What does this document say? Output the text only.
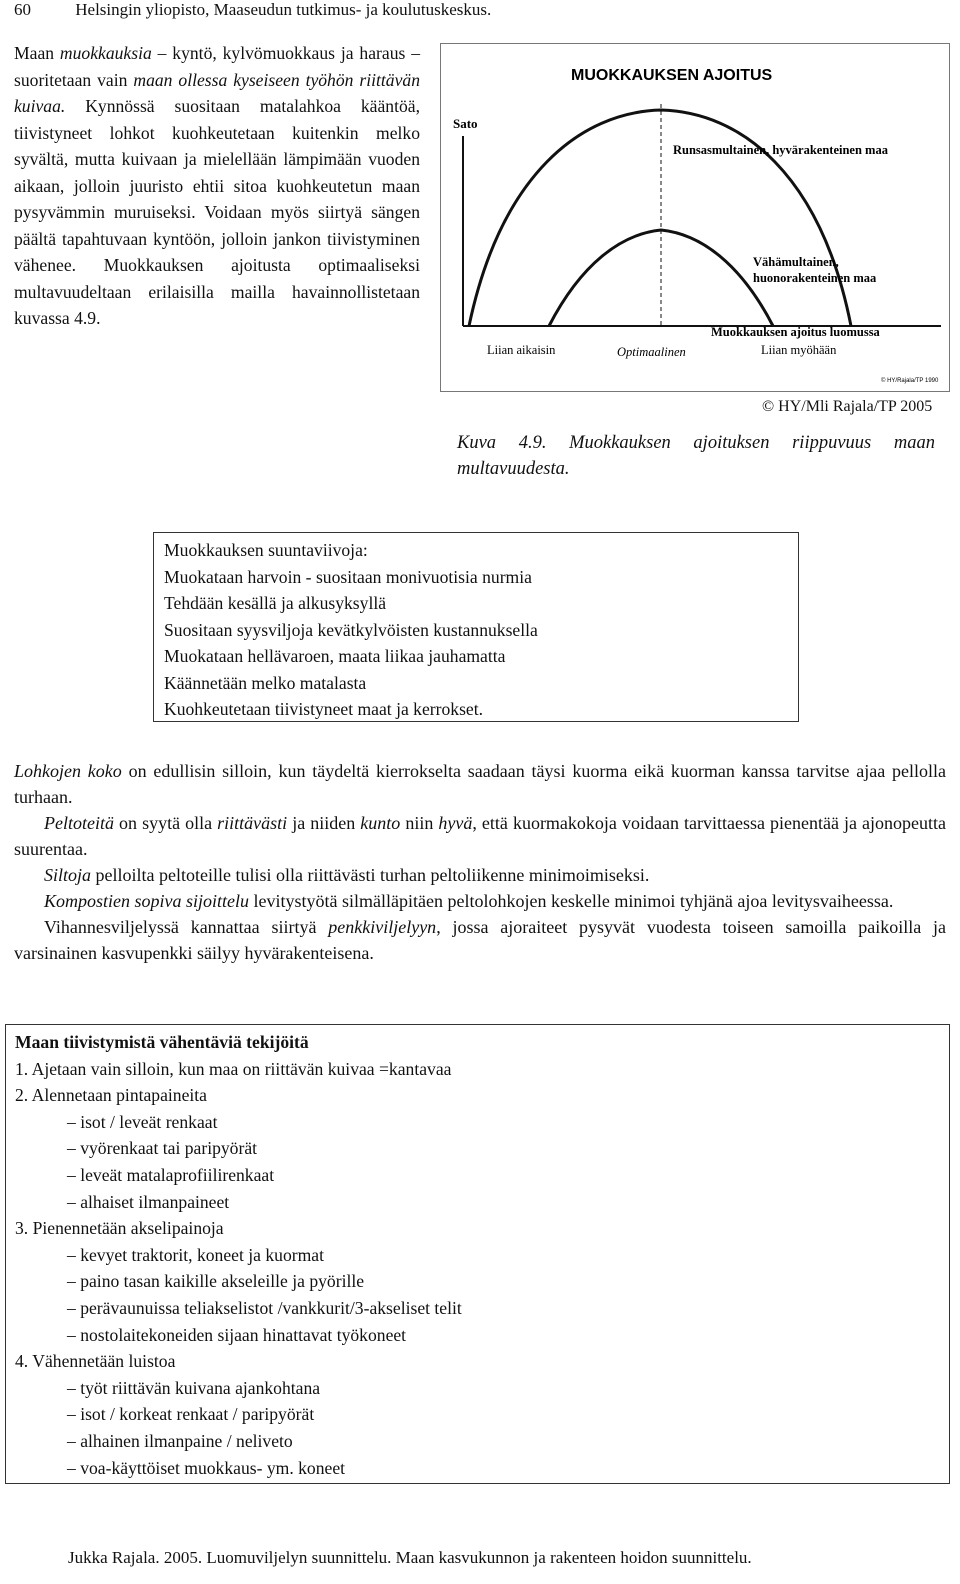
60	Helsingin yliopisto, Maaseudun tutkimus- ja koulutuskeskus.
Maan muokkauksia – kyntö, kylvömuokkaus ja haraus – suoritetaan vain maan ollessa kyseiseen työhön riittävän kuivaa. Kynnössä suositaan matalahkoa kääntöä, tiivistyneet lohkot kuohkeutetaan kuitenkin melko syvältä, mutta kuivaan ja mielellään lämpimään vuoden aikaan, jolloin juuristo ehtii sitoa kuohkeutetun maan pysyvämmin muruiseksi. Voidaan myös siirtyä sängen päältä tapahtuvaan kyntöön, jolloin jankon tiivistyminen vähenee. Muokkauksen ajoitusta optimaaliseksi multavuudeltaan erilaisilla mailla havainnollistetaan kuvassa 4.9.
MUOKKAUKSEN AJOITUS
Sato
Runsasmultainen, hyvärakenteinen maa
Vähämultainen,
huonorakenteinen maa
Muokkauksen ajoitus luomussa
Liian aikaisin	Optimaalinen	Liian myöhään
© HY/Rajala/TP 1990
© HY/Mli Rajala/TP 2005
Kuva 4.9. Muokkauksen ajoituksen riippuvuus maan multavuudesta.
Muokkauksen suuntaviivoja:
Muokataan harvoin - suositaan monivuotisia nurmia
Tehdään kesällä ja alkusyksyllä
Suositaan syysviljoja kevätkylvöisten kustannuksella
Muokataan hellävaroen, maata liikaa jauhamatta
Käännetään melko matalasta
Kuohkeutetaan tiivistyneet maat ja kerrokset.

Lohkojen koko on edullisin silloin, kun täydeltä kierrokselta saadaan täysi kuorma eikä kuorman kanssa tarvitse ajaa pellolla turhaan.

Peltoteitä on syytä olla riittävästi ja niiden kunto niin hyvä, että kuormakokoja voidaan tarvittaessa pienentää ja ajonopeutta suurentaa.

Siltoja pelloilta peltoteille tulisi olla riittävästi turhan peltoliikenne minimoimiseksi.

Kompostien sopiva sijoittelu levitystyötä silmälläpitäen peltolohkojen keskelle minimoi tyhjänä ajoa levitysvaiheessa.

Vihannesviljelyssä kannattaa siirtyä penkkiviljelyyn, jossa ajoraiteet pysyvät vuodesta toiseen samoilla paikoilla ja varsinainen kasvupenkki säilyy hyvärakenteisena.

Maan tiivistymistä vähentäviä tekijöitä
1. Ajetaan vain silloin, kun maa on riittävän kuivaa =kantavaa
2. Alennetaan pintapaineita
– isot / leveät renkaat
– vyörenkaat tai paripyörät
– leveät matalaprofiilirenkaat
– alhaiset ilmanpaineet
3. Pienennetään akselipainoja
– kevyet traktorit, koneet ja kuormat
– paino tasan kaikille akseleille ja pyörille
– perävaunuissa teliakselistot /vankkurit/3-akseliset telit
– nostolaitekoneiden sijaan hinattavat työkoneet
4. Vähennetään luistoa
– työt riittävän kuivana ajankohtana
– isot / korkeat renkaat / paripyörät
– alhainen ilmanpaine / neliveto
– voa-käyttöiset muokkaus- ym. koneet
Jukka Rajala. 2005. Luomuviljelyn suunnittelu. Maan kasvukunnon ja rakenteen hoidon suunnittelu.
